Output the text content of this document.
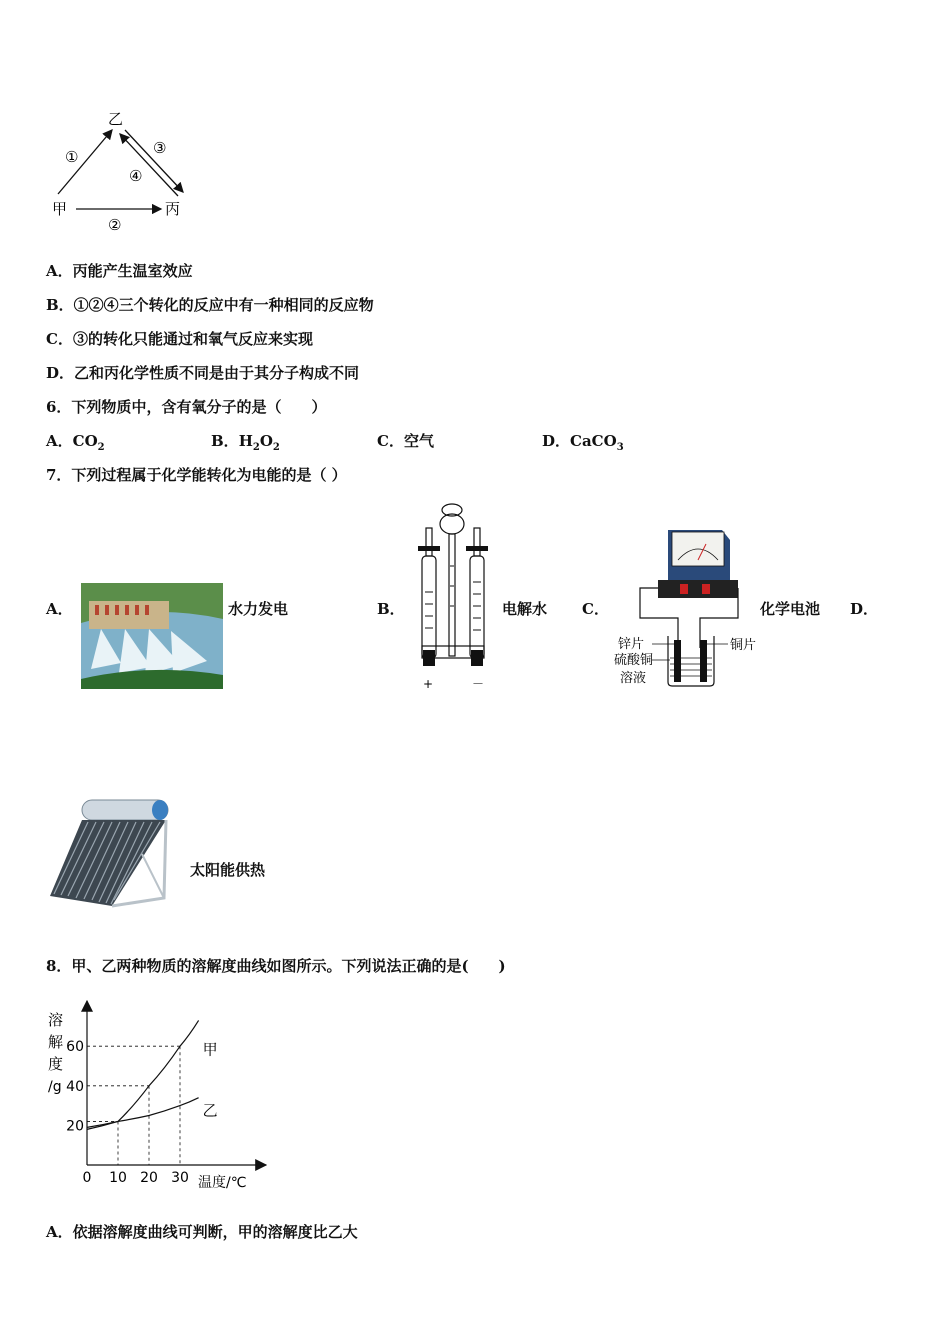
乙
甲	丙
①	③
④
②
A．丙能产生温室效应
B．①②④三个转化的反应中有一种相同的反应物
C．③的转化只能通过和氧气反应来实现
D．乙和丙化学性质不同是由于其分子构成不同
6．下列物质中，含有氧分子的是（　　）
A．$CO_2$	B．$H_2O_2$	C．空气	D．CaCO$_3$
7．下列过程属于化学能转化为电能的是（ ）
A．	水力发电	B．
+	－
电解水 C．
锌片	铜片
硫酸铜
溶液
化学电池 D．
太阳能供热
8．甲、乙两种物质的溶解度曲线如图所示。下列说法正确的是(　　)
溶
解
度
/g
20
40
60
0 10 20 30 温度/℃
甲
乙
A．依据溶解度曲线可判断，甲的溶解度比乙大
